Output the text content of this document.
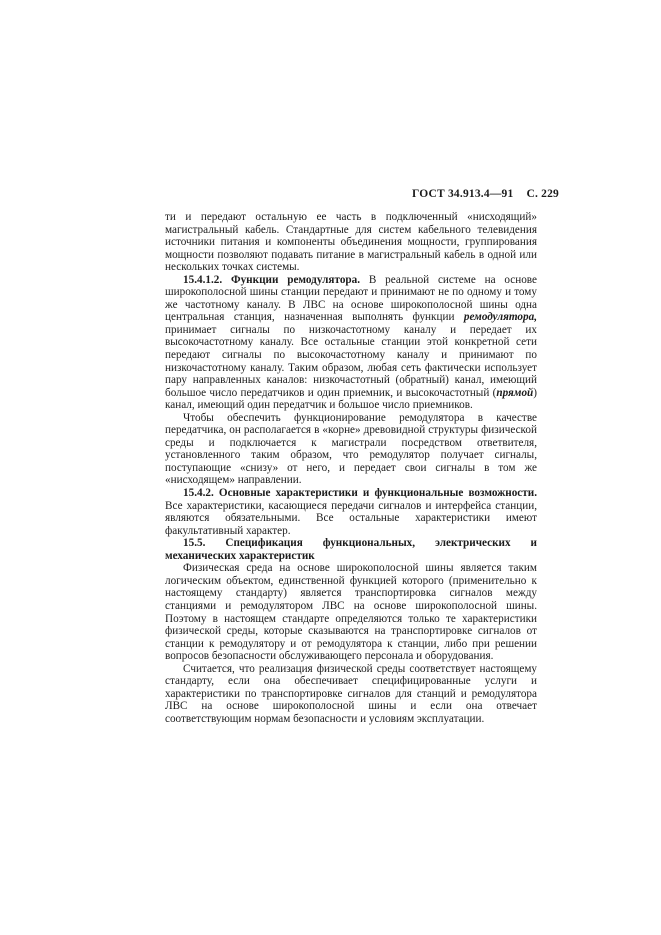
ГОСТ 34.913.4—91 С. 229

ти и передают остальную ее часть в подключенный «нисходящий» магистральный кабель. Стандартные для систем кабельного телевидения источники питания и компоненты объединения мощности, группирования мощности позволяют подавать питание в магистральный кабель в одной или нескольких точках системы.

15.4.1.2. Функции ремодулятора. В реальной системе на основе широкополосной шины станции передают и принимают не по одному и тому же частотному каналу. В ЛВС на основе широкополосной шины одна центральная станция, назначенная выполнять функции ремодулятора, принимает сигналы по низкочастотному каналу и передает их высокочастотному каналу. Все остальные станции этой конкретной сети передают сигналы по высокочастотному каналу и принимают по низкочастотному каналу. Таким образом, любая сеть фактически использует пару направленных каналов: низкочастотный (обратный) канал, имеющий большое число передатчиков и один приемник, и высокочастотный (прямой) канал, имеющий один передатчик и большое число приемников.

Чтобы обеспечить функционирование ремодулятора в качестве передатчика, он располагается в «корне» древовидной структуры физической среды и подключается к магистрали посредством ответвителя, установленного таким образом, что ремодулятор получает сигналы, поступающие «снизу» от него, и передает свои сигналы в том же «нисходящем» направлении.

15.4.2. Основные характеристики и функциональные возможности. Все характеристики, касающиеся передачи сигналов и интерфейса станции, являются обязательными. Все остальные характеристики имеют факультативный характер.

15.5. Спецификация функциональных, электрических и механических характеристик

Физическая среда на основе широкополосной шины является таким логическим объектом, единственной функцией которого (применительно к настоящему стандарту) является транспортировка сигналов между станциями и ремодулятором ЛВС на основе широкополосной шины. Поэтому в настоящем стандарте определяются только те характеристики физической среды, которые сказываются на транспортировке сигналов от станции к ремодулятору и от ремодулятора к станции, либо при решении вопросов безопасности обслуживающего персонала и оборудования.

Считается, что реализация физической среды соответствует настоящему стандарту, если она обеспечивает специфицированные услуги и характеристики по транспортировке сигналов для станций и ремодулятора ЛВС на основе широкополосной шины и если она отвечает соответствующим нормам безопасности и условиям эксплуатации.
